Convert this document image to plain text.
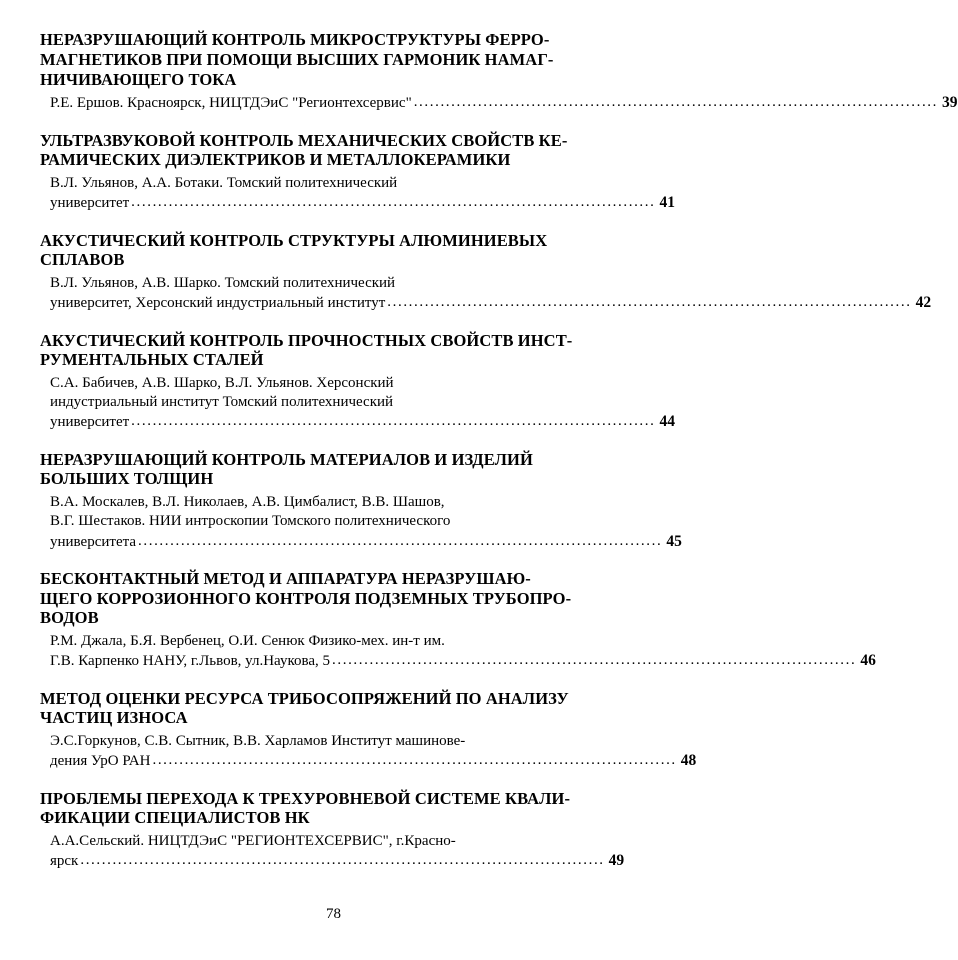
НЕРАЗРУШАЮЩИЙ КОНТРОЛЬ МИКРОСТРУКТУРЫ ФЕРРО-
МАГНЕТИКОВ ПРИ ПОМОЩИ ВЫСШИХ ГАРМОНИК НАМАГ-
НИЧИВАЮЩЕГО ТОКА
Р.Е. Ершов. Красноярск, НИЦТДЭиС "Регионтехсервис" .................................................................................................. 39
УЛЬТРАЗВУКОВОЙ КОНТРОЛЬ МЕХАНИЧЕСКИХ СВОЙСТВ КЕ-
РАМИЧЕСКИХ ДИЭЛЕКТРИКОВ И МЕТАЛЛОКЕРАМИКИ
В.Л. Ульянов, А.А. Ботаки. Томский политехнический
университет .................................................................................................. 41
АКУСТИЧЕСКИЙ КОНТРОЛЬ СТРУКТУРЫ АЛЮМИНИЕВЫХ
СПЛАВОВ
В.Л. Ульянов, А.В. Шарко. Томский политехнический
университет, Херсонский индустриальный институт .................................................................................................. 42
АКУСТИЧЕСКИЙ КОНТРОЛЬ ПРОЧНОСТНЫХ СВОЙСТВ ИНСТ-
РУМЕНТАЛЬНЫХ СТАЛЕЙ
С.А. Бабичев, А.В. Шарко, В.Л. Ульянов. Херсонский
индустриальный институт Томский политехнический
университет .................................................................................................. 44
НЕРАЗРУШАЮЩИЙ КОНТРОЛЬ МАТЕРИАЛОВ И ИЗДЕЛИЙ
БОЛЬШИХ ТОЛЩИН
В.А. Москалев, В.Л. Николаев, А.В. Цимбалист, В.В. Шашов,
В.Г. Шестаков. НИИ интроскопии Томского политехнического
университета .................................................................................................. 45
БЕСКОНТАКТНЫЙ МЕТОД И АППАРАТУРА НЕРАЗРУШАЮ-
ЩЕГО КОРРОЗИОННОГО КОНТРОЛЯ ПОДЗЕМНЫХ ТРУБОПРО-
ВОДОВ
Р.М. Джала, Б.Я. Вербенец, О.И. Сенюк Физико-мех. ин-т им.
Г.В. Карпенко НАНУ, г.Львов, ул.Наукова, 5 .................................................................................................. 46
МЕТОД ОЦЕНКИ РЕСУРСА ТРИБОСОПРЯЖЕНИЙ ПО АНАЛИЗУ
ЧАСТИЦ ИЗНОСА
Э.С.Горкунов, С.В. Сытник, В.В. Харламов Институт машинове-
дения УрО РАН .................................................................................................. 48
ПРОБЛЕМЫ ПЕРЕХОДА К ТРЕХУРОВНЕВОЙ СИСТЕМЕ КВАЛИ-
ФИКАЦИИ СПЕЦИАЛИСТОВ НК
А.А.Сельский. НИЦТДЭиС "РЕГИОНТЕХСЕРВИС", г.Красно-
ярск .................................................................................................. 49
78
